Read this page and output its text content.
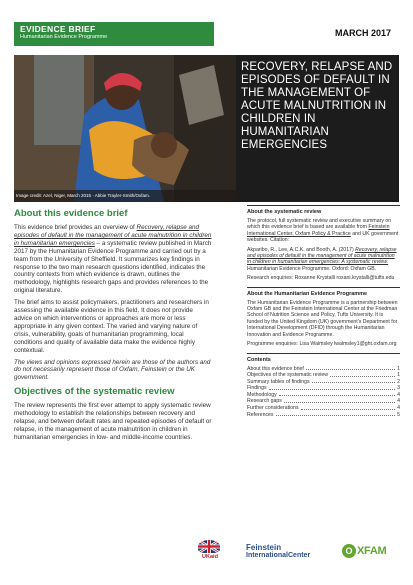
EVIDENCE BRIEF
Humanitarian Evidence Programme	MARCH 2017
Image credit: Azel, Niger, March 2015 · Abbie Trayler-Smith/Oxfam.
RECOVERY, RELAPSE AND EPISODES OF DEFAULT IN THE MANAGEMENT OF ACUTE MALNUTRITION IN CHILDREN IN HUMANITARIAN EMERGENCIES
About this evidence brief
This evidence brief provides an overview of Recovery, relapse and episodes of default in the management of acute malnutrition in children in humanitarian emergencies – a systematic review published in March 2017 by the Humanitarian Evidence Programme and carried out by a team from the University of Sheffield. It summarizes key findings in response to the two main research questions identified, indicates the country contexts from which evidence is drawn, outlines the methodology, highlights research gaps and provides references to the original literature.
The brief aims to assist policymakers, practitioners and researchers in assessing the available evidence in this field. It does not provide advice on which interventions or approaches are more or less appropriate in any given context. The varied and varying nature of crisis, vulnerability, goals of humanitarian programming, local conditions and quality of available data make the evidence highly contextual.
The views and opinions expressed herein are those of the authors and do not necessarily represent those of Oxfam, Feinstein or the UK government.
Objectives of the systematic review
The review represents the first ever attempt to apply systematic review methodology to establish the relationships between recovery and relapse, and between default rates and repeated episodes of default or relapse, in the management of acute malnutrition in children in humanitarian emergencies in low- and middle-income countries.
About the systematic review
The protocol, full systematic review and executive summary on which this evidence brief is based are available from Feinstein International Center, Oxfam Policy & Practice and UK government websites. Citation:
Akparibo, R., Lee, A.C.K. and Booth, A. (2017) Recovery, relapse and episodes of default in the management of acute malnutrition in children in humanitarian emergencies: A systematic review. Humanitarian Evidence Programme. Oxford: Oxfam GB.
Research enquiries: Roxanne Krystalli roxani.krystalli@tufts.edu
About the Humanitarian Evidence Programme
The Humanitarian Evidence Programme is a partnership between Oxfam GB and the Feinstein International Center at the Friedman School of Nutrition Science and Policy, Tufts University. It is funded by the United Kingdom (UK) government's Department for International Development (DFID) through the Humanitarian Innovation and Evidence Programme.
Programme enquiries: Lisa Walmsley lwalmsley1@ght.oxfam.org
Contents
About this evidence brief	1
Objectives of the systematic review	1
Summary tables of findings	2
Findings	3
Methodology	4
Research gaps	4
Further considerations	4
References	5
UKaid
Feinstein
InternationalCenter	O XFAM
